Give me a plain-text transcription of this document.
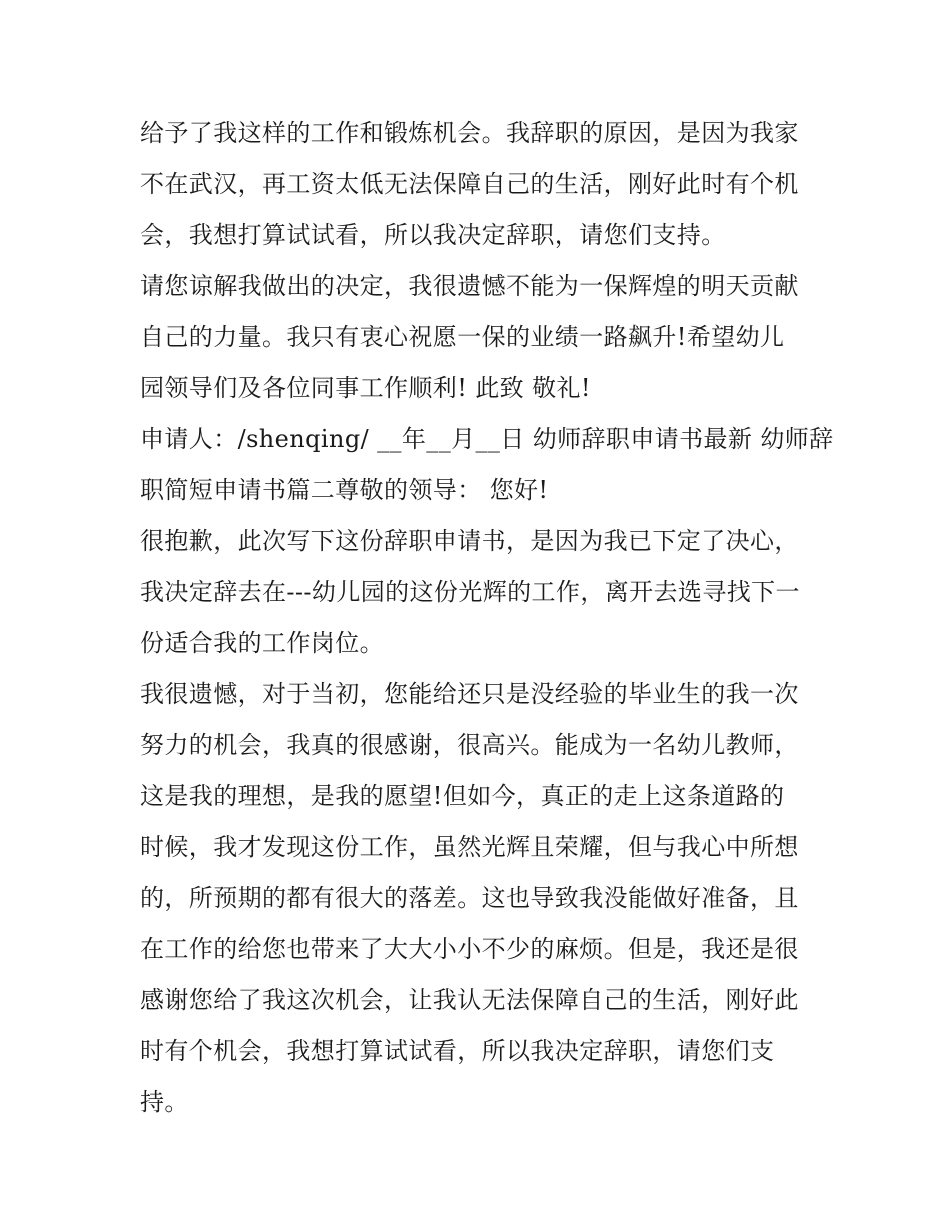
给予了我这样的工作和锻炼机会。我辞职的原因，是因为我家
不在武汉，再工资太低无法保障自己的生活，刚好此时有个机
会，我想打算试试看，所以我决定辞职，请您们支持。
请您谅解我做出的决定，我很遗憾不能为一保辉煌的明天贡献
自己的力量。我只有衷心祝愿一保的业绩一路飙升!希望幼儿
园领导们及各位同事工作顺利! 此致 敬礼!
申请人：/shenqing/ __年__月__日 幼师辞职申请书最新 幼师辞
职简短申请书篇二尊敬的领导： 您好!
很抱歉，此次写下这份辞职申请书，是因为我已下定了决心，
我决定辞去在---幼儿园的这份光辉的工作，离开去选寻找下一
份适合我的工作岗位。
我很遗憾，对于当初，您能给还只是没经验的毕业生的我一次
努力的机会，我真的很感谢，很高兴。能成为一名幼儿教师，
这是我的理想，是我的愿望!但如今，真正的走上这条道路的
时候，我才发现这份工作，虽然光辉且荣耀，但与我心中所想
的，所预期的都有很大的落差。这也导致我没能做好准备，且
在工作的给您也带来了大大小小不少的麻烦。但是，我还是很
感谢您给了我这次机会，让我认无法保障自己的生活，刚好此
时有个机会，我想打算试试看，所以我决定辞职，请您们支
持。
